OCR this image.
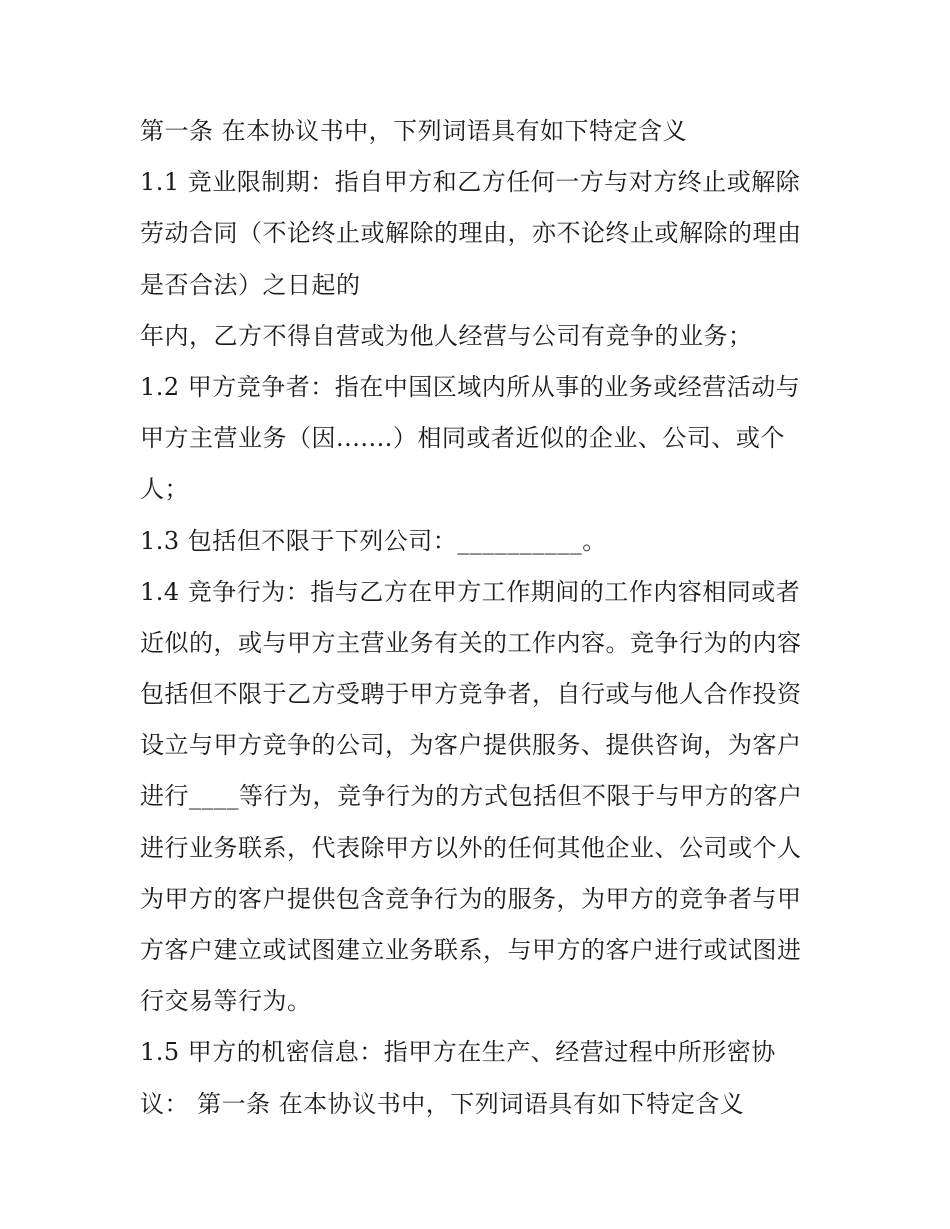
第一条 在本协议书中，下列词语具有如下特定含义
1.1 竞业限制期：指自甲方和乙方任何一方与对方终止或解除
劳动合同（不论终止或解除的理由，亦不论终止或解除的理由
是否合法）之日起的
年内，乙方不得自营或为他人经营与公司有竞争的业务；
1.2 甲方竞争者：指在中国区域内所从事的业务或经营活动与
甲方主营业务（因.......）相同或者近似的企业、公司、或个
人；
1.3 包括但不限于下列公司：__________。
1.4 竞争行为：指与乙方在甲方工作期间的工作内容相同或者
近似的，或与甲方主营业务有关的工作内容。竞争行为的内容
包括但不限于乙方受聘于甲方竞争者，自行或与他人合作投资
设立与甲方竞争的公司，为客户提供服务、提供咨询，为客户
进行____等行为，竞争行为的方式包括但不限于与甲方的客户
进行业务联系，代表除甲方以外的任何其他企业、公司或个人
为甲方的客户提供包含竞争行为的服务，为甲方的竞争者与甲
方客户建立或试图建立业务联系，与甲方的客户进行或试图进
行交易等行为。
1.5 甲方的机密信息：指甲方在生产、经营过程中所形密协
议： 第一条 在本协议书中，下列词语具有如下特定含义
